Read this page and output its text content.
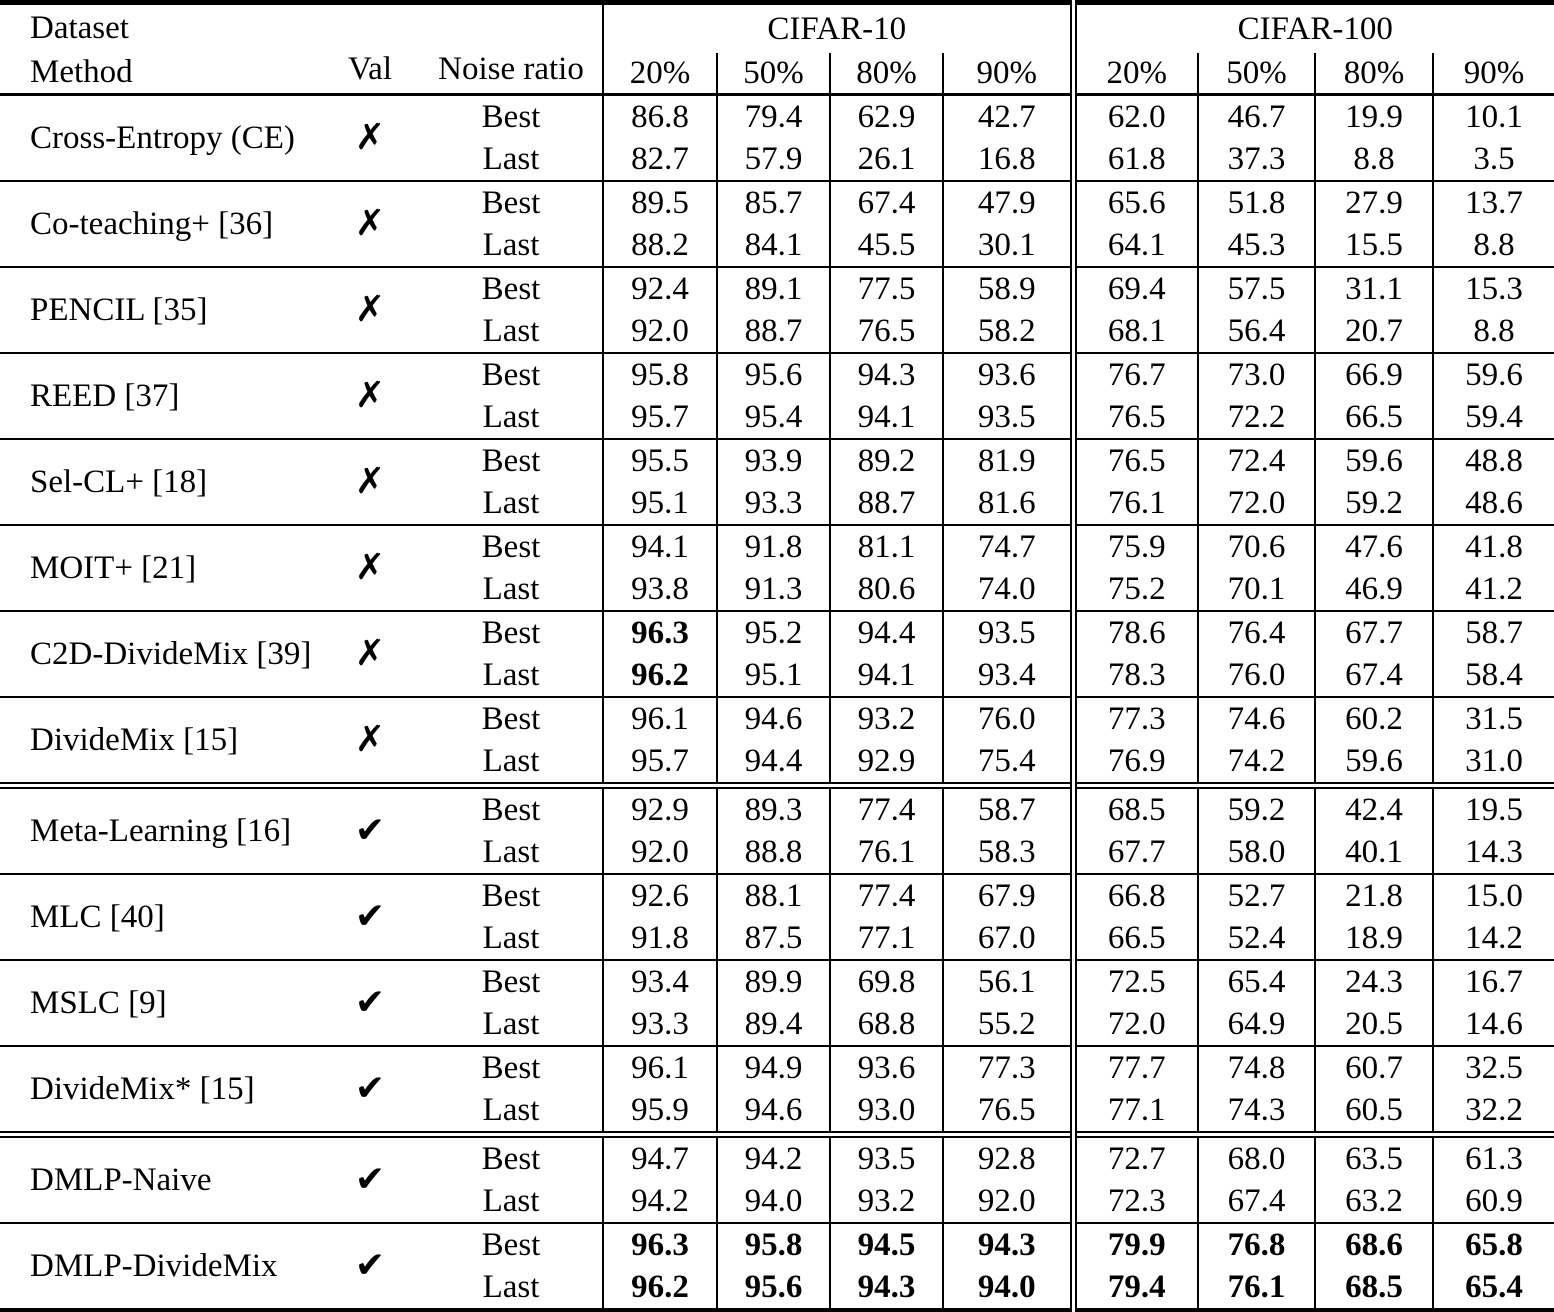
Dataset
Method	Val	Noise ratio	CIFAR-10				CIFAR-100			
			20%	50%	80%	90%	20%	50%	80%	90%
Cross-Entropy (CE)	✗	Best	86.8	79.4	62.9	42.7	62.0	46.7	19.9	10.1
		Last	82.7	57.9	26.1	16.8	61.8	37.3	8.8	3.5
Co-teaching+ [36]	✗	Best	89.5	85.7	67.4	47.9	65.6	51.8	27.9	13.7
		Last	88.2	84.1	45.5	30.1	64.1	45.3	15.5	8.8
PENCIL [35]	✗	Best	92.4	89.1	77.5	58.9	69.4	57.5	31.1	15.3
		Last	92.0	88.7	76.5	58.2	68.1	56.4	20.7	8.8
REED [37]	✗	Best	95.8	95.6	94.3	93.6	76.7	73.0	66.9	59.6
		Last	95.7	95.4	94.1	93.5	76.5	72.2	66.5	59.4
Sel-CL+ [18]	✗	Best	95.5	93.9	89.2	81.9	76.5	72.4	59.6	48.8
		Last	95.1	93.3	88.7	81.6	76.1	72.0	59.2	48.6
MOIT+ [21]	✗	Best	94.1	91.8	81.1	74.7	75.9	70.6	47.6	41.8
		Last	93.8	91.3	80.6	74.0	75.2	70.1	46.9	41.2
C2D-DivideMix [39]	✗	Best	96.3	95.2	94.4	93.5	78.6	76.4	67.7	58.7
		Last	96.2	95.1	94.1	93.4	78.3	76.0	67.4	58.4
DivideMix [15]	✗	Best	96.1	94.6	93.2	76.0	77.3	74.6	60.2	31.5
		Last	95.7	94.4	92.9	75.4	76.9	74.2	59.6	31.0
Meta-Learning [16]	✔	Best	92.9	89.3	77.4	58.7	68.5	59.2	42.4	19.5
		Last	92.0	88.8	76.1	58.3	67.7	58.0	40.1	14.3
MLC [40]	✔	Best	92.6	88.1	77.4	67.9	66.8	52.7	21.8	15.0
		Last	91.8	87.5	77.1	67.0	66.5	52.4	18.9	14.2
MSLC [9]	✔	Best	93.4	89.9	69.8	56.1	72.5	65.4	24.3	16.7
		Last	93.3	89.4	68.8	55.2	72.0	64.9	20.5	14.6
DivideMix* [15]	✔	Best	96.1	94.9	93.6	77.3	77.7	74.8	60.7	32.5
		Last	95.9	94.6	93.0	76.5	77.1	74.3	60.5	32.2
DMLP-Naive	✔	Best	94.7	94.2	93.5	92.8	72.7	68.0	63.5	61.3
		Last	94.2	94.0	93.2	92.0	72.3	67.4	63.2	60.9
DMLP-DivideMix	✔	Best	96.3	95.8	94.5	94.3	79.9	76.8	68.6	65.8
		Last	96.2	95.6	94.3	94.0	79.4	76.1	68.5	65.4
